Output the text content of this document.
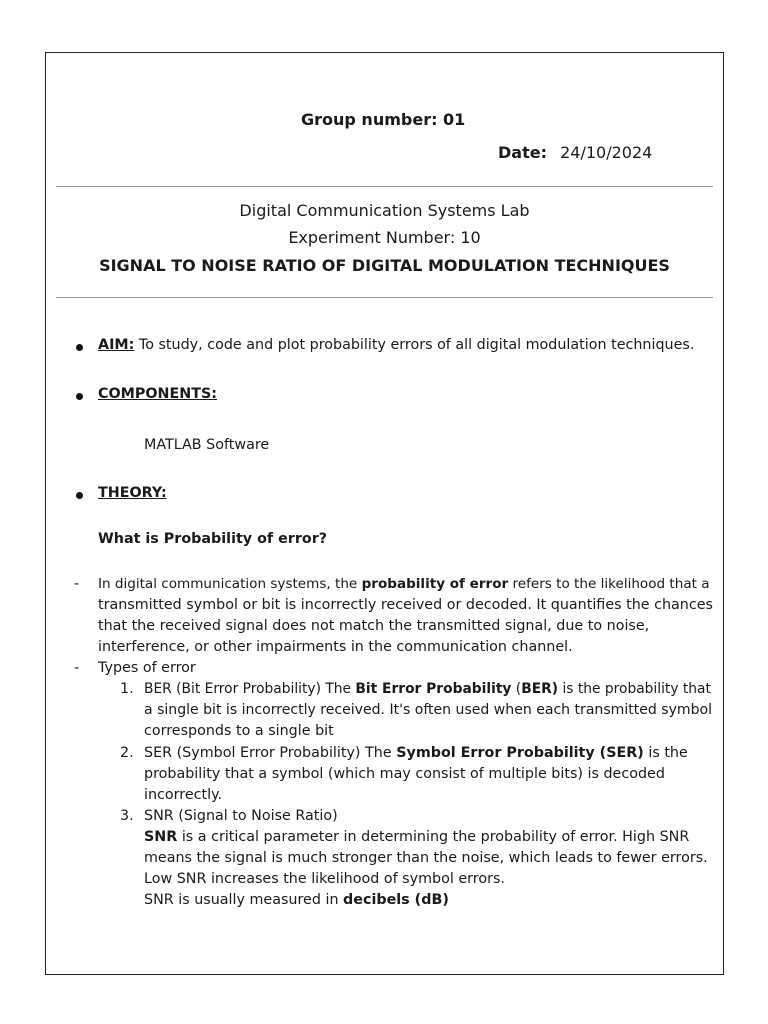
Group number: 01
Date: 24/10/2024
Digital Communication Systems Lab
Experiment Number: 10
SIGNAL TO NOISE RATIO OF DIGITAL MODULATION TECHNIQUES
AIM: To study, code and plot probability errors of all digital modulation techniques.
COMPONENTS:
MATLAB Software
THEORY:
What is Probability of error?
- In digital communication systems, the probability of error refers to the likelihood that a
transmitted symbol or bit is incorrectly received or decoded. It quantifies the chances
that the received signal does not match the transmitted signal, due to noise,
interference, or other impairments in the communication channel.
- Types of error
1. BER (Bit Error Probability) The Bit Error Probability (BER) is the probability that
a single bit is incorrectly received. It's often used when each transmitted symbol
corresponds to a single bit
2. SER (Symbol Error Probability) The Symbol Error Probability (SER) is the
probability that a symbol (which may consist of multiple bits) is decoded
incorrectly.
3. SNR (Signal to Noise Ratio)
SNR is a critical parameter in determining the probability of error. High SNR
means the signal is much stronger than the noise, which leads to fewer errors.
Low SNR increases the likelihood of symbol errors.
SNR is usually measured in decibels (dB)
